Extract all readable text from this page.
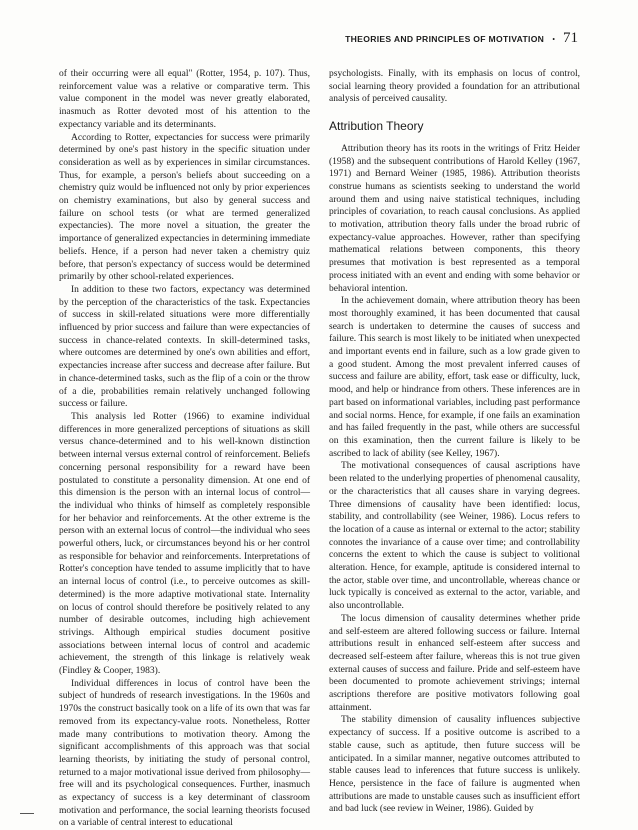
THEORIES AND PRINCIPLES OF MOTIVATION • 71

of their occurring were all equal" (Rotter, 1954, p. 107). Thus, reinforcement value was a relative or comparative term. This value component in the model was never greatly elaborated, inasmuch as Rotter devoted most of his attention to the expectancy variable and its determinants.

According to Rotter, expectancies for success were primarily determined by one's past history in the specific situation under consideration as well as by experiences in similar circumstances. Thus, for example, a person's beliefs about succeeding on a chemistry quiz would be influenced not only by prior experiences on chemistry examinations, but also by general success and failure on school tests (or what are termed generalized expectancies). The more novel a situation, the greater the importance of generalized expectancies in determining immediate beliefs. Hence, if a person had never taken a chemistry quiz before, that person's expectancy of success would be determined primarily by other school-related experiences.

In addition to these two factors, expectancy was determined by the perception of the characteristics of the task. Expectancies of success in skill-related situations were more differentially influenced by prior success and failure than were expectancies of success in chance-related contexts. In skill-determined tasks, where outcomes are determined by one's own abilities and effort, expectancies increase after success and decrease after failure. But in chance-determined tasks, such as the flip of a coin or the throw of a die, probabilities remain relatively unchanged following success or failure.

This analysis led Rotter (1966) to examine individual differences in more generalized perceptions of situations as skill versus chance-determined and to his well-known distinction between internal versus external control of reinforcement. Beliefs concerning personal responsibility for a reward have been postulated to constitute a personality dimension. At one end of this dimension is the person with an internal locus of control—the individual who thinks of himself as completely responsible for her behavior and reinforcements. At the other extreme is the person with an external locus of control—the individual who sees powerful others, luck, or circumstances beyond his or her control as responsible for behavior and reinforcements. Interpretations of Rotter's conception have tended to assume implicitly that to have an internal locus of control (i.e., to perceive outcomes as skill-determined) is the more adaptive motivational state. Internality on locus of control should therefore be positively related to any number of desirable outcomes, including high achievement strivings. Although empirical studies document positive associations between internal locus of control and academic achievement, the strength of this linkage is relatively weak (Findley & Cooper, 1983).

Individual differences in locus of control have been the subject of hundreds of research investigations. In the 1960s and 1970s the construct basically took on a life of its own that was far removed from its expectancy-value roots. Nonetheless, Rotter made many contributions to motivation theory. Among the significant accomplishments of this approach was that social learning theorists, by initiating the study of personal control, returned to a major motivational issue derived from philosophy—free will and its psychological consequences. Further, inasmuch as expectancy of success is a key determinant of classroom motivation and performance, the social learning theorists focused on a variable of central interest to educational

psychologists. Finally, with its emphasis on locus of control, social learning theory provided a foundation for an attributional analysis of perceived causality.

Attribution Theory

Attribution theory has its roots in the writings of Fritz Heider (1958) and the subsequent contributions of Harold Kelley (1967, 1971) and Bernard Weiner (1985, 1986). Attribution theorists construe humans as scientists seeking to understand the world around them and using naive statistical techniques, including principles of covariation, to reach causal conclusions. As applied to motivation, attribution theory falls under the broad rubric of expectancy-value approaches. However, rather than specifying mathematical relations between components, this theory presumes that motivation is best represented as a temporal process initiated with an event and ending with some behavior or behavioral intention.

In the achievement domain, where attribution theory has been most thoroughly examined, it has been documented that causal search is undertaken to determine the causes of success and failure. This search is most likely to be initiated when unexpected and important events end in failure, such as a low grade given to a good student. Among the most prevalent inferred causes of success and failure are ability, effort, task ease or difficulty, luck, mood, and help or hindrance from others. These inferences are in part based on informational variables, including past performance and social norms. Hence, for example, if one fails an examination and has failed frequently in the past, while others are successful on this examination, then the current failure is likely to be ascribed to lack of ability (see Kelley, 1967).

The motivational consequences of causal ascriptions have been related to the underlying properties of phenomenal causality, or the characteristics that all causes share in varying degrees. Three dimensions of causality have been identified: locus, stability, and controllability (see Weiner, 1986). Locus refers to the location of a cause as internal or external to the actor; stability connotes the invariance of a cause over time; and controllability concerns the extent to which the cause is subject to volitional alteration. Hence, for example, aptitude is considered internal to the actor, stable over time, and uncontrollable, whereas chance or luck typically is conceived as external to the actor, variable, and also uncontrollable.

The locus dimension of causality determines whether pride and self-esteem are altered following success or failure. Internal attributions result in enhanced self-esteem after success and decreased self-esteem after failure, whereas this is not true given external causes of success and failure. Pride and self-esteem have been documented to promote achievement strivings; internal ascriptions therefore are positive motivators following goal attainment.

The stability dimension of causality influences subjective expectancy of success. If a positive outcome is ascribed to a stable cause, such as aptitude, then future success will be anticipated. In a similar manner, negative outcomes attributed to stable causes lead to inferences that future success is unlikely. Hence, persistence in the face of failure is augmented when attributions are made to unstable causes such as insufficient effort and bad luck (see review in Weiner, 1986). Guided by
